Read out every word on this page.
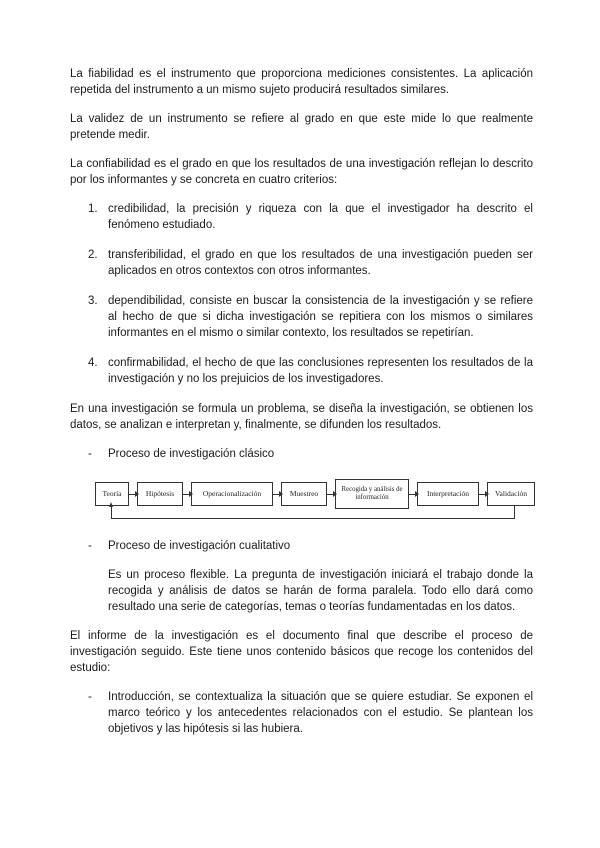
La fiabilidad es el instrumento que proporciona mediciones consistentes. La aplicación repetida del instrumento a un mismo sujeto producirá resultados similares.

La validez de un instrumento se refiere al grado en que este mide lo que realmente pretende medir.

La confiabilidad es el grado en que los resultados de una investigación reflejan lo descrito por los informantes y se concreta en cuatro criterios:

1. credibilidad, la precisión y riqueza con la que el investigador ha descrito el fenómeno estudiado.
2. transferibilidad, el grado en que los resultados de una investigación pueden ser aplicados en otros contextos con otros informantes.
3. dependibilidad, consiste en buscar la consistencia de la investigación y se refiere al hecho de que si dicha investigación se repitiera con los mismos o similares informantes en el mismo o similar contexto, los resultados se repetirían.
4. confirmabilidad, el hecho de que las conclusiones representen los resultados de la investigación y no los prejuicios de los investigadores.

En una investigación se formula un problema, se diseña la investigación, se obtienen los datos, se analizan e interpretan y, finalmente, se difunden los resultados.

-	Proceso de investigación clásico
Teoría	Hipótesis	Operacionalización	Muestreo	Recogida y análisis de información	Interpretación	Validación
-	Proceso de investigación cualitativo

Es un proceso flexible. La pregunta de investigación iniciará el trabajo donde la recogida y análisis de datos se harán de forma paralela. Todo ello dará como resultado una serie de categorías, temas o teorías fundamentadas en los datos.

El informe de la investigación es el documento final que describe el proceso de investigación seguido. Este tiene unos contenido básicos que recoge los contenidos del estudio:

-	Introducción, se contextualiza la situación que se quiere estudiar. Se exponen el marco teórico y los antecedentes relacionados con el estudio. Se plantean los objetivos y las hipótesis si las hubiera.
